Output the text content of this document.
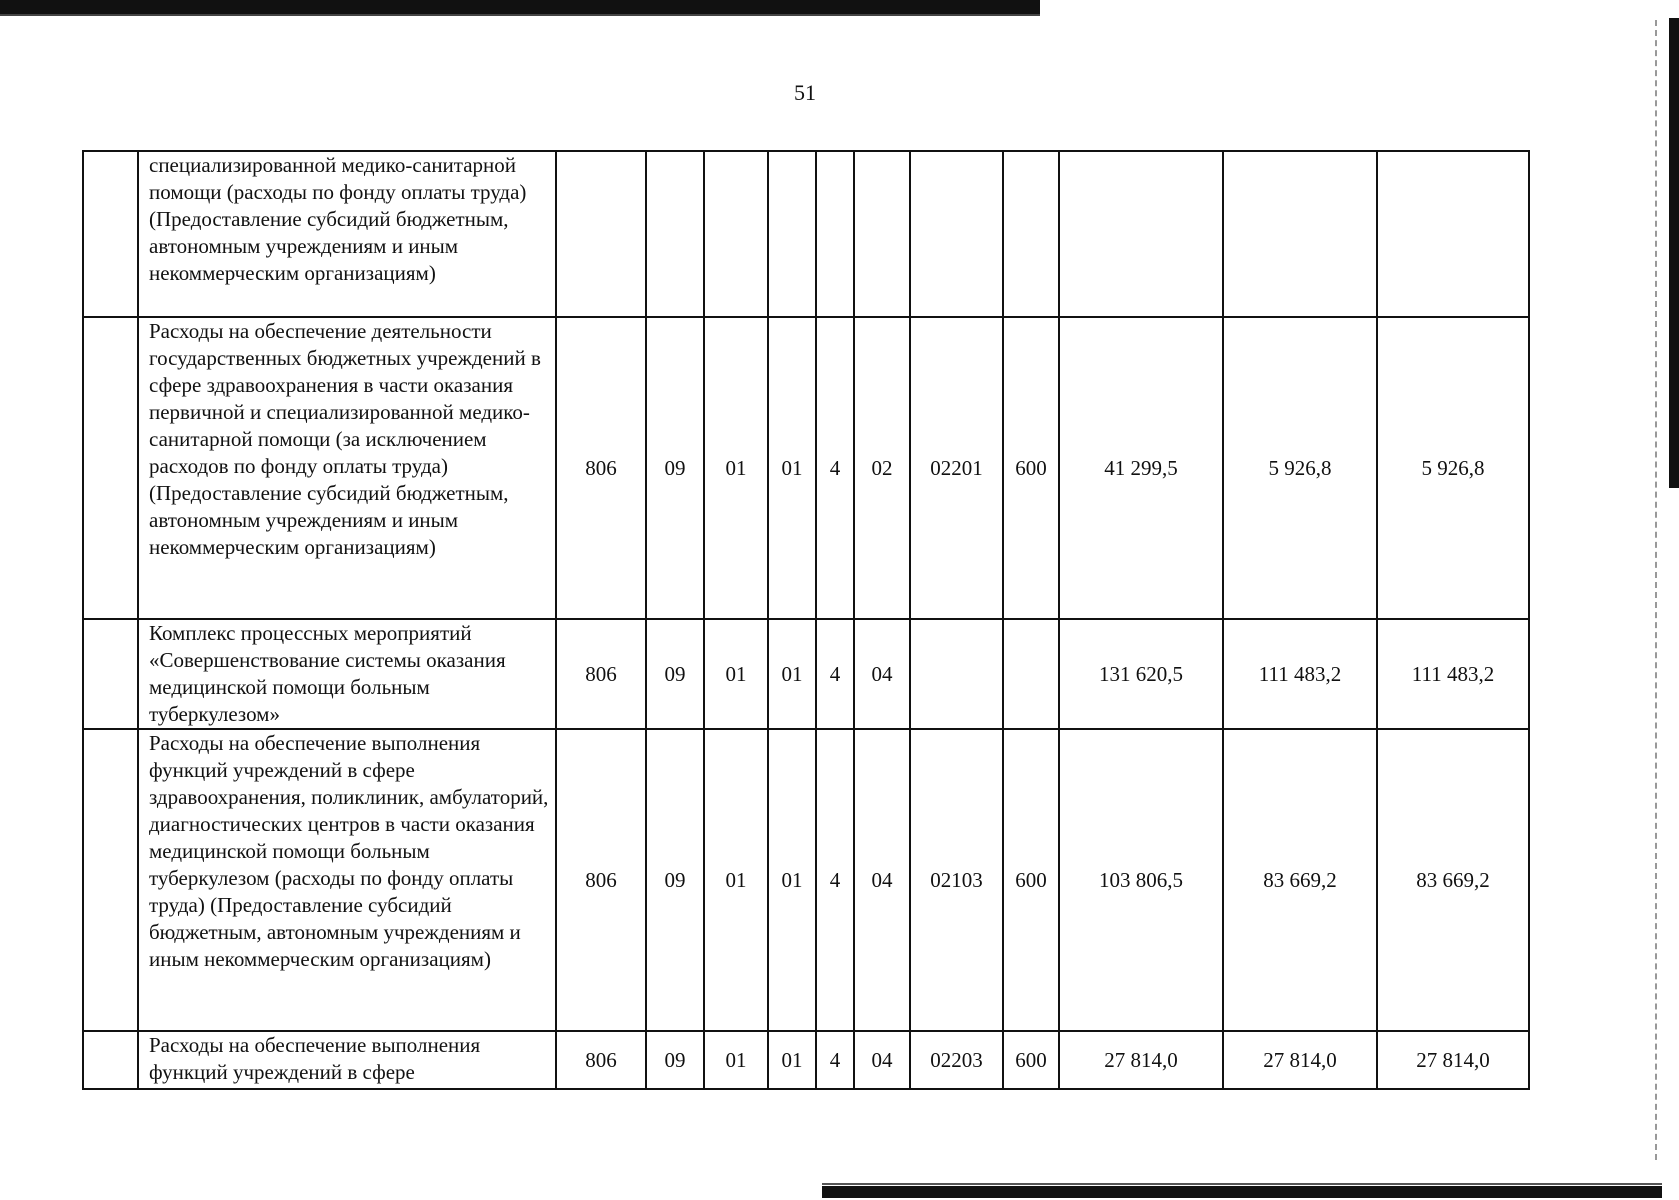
51
	специализированной медико-санитарной помощи (расходы по фонду оплаты труда) (Предоставление субсидий бюджетным, автономным учреждениям и иным некоммерческим организациям)											
	Расходы на обеспечение деятельности государственных бюджетных учреждений в сфере здравоохранения в части оказания первичной и специализированной медико-санитарной помощи (за исключением расходов по фонду оплаты труда) (Предоставление субсидий бюджетным, автономным учреждениям и иным некоммерческим организациям)	806	09	01	01	4	02	02201	600	41 299,5	5 926,8	5 926,8
	Комплекс процессных мероприятий «Совершенствование системы оказания медицинской помощи больным туберкулезом»	806	09	01	01	4	04			131 620,5	111 483,2	111 483,2
	Расходы на обеспечение выполнения функций учреждений в сфере здравоохранения, поликлиник, амбулаторий, диагностических центров в части оказания медицинской помощи больным туберкулезом (расходы по фонду оплаты труда) (Предоставление субсидий бюджетным, автономным учреждениям и иным некоммерческим организациям)	806	09	01	01	4	04	02103	600	103 806,5	83 669,2	83 669,2
	Расходы на обеспечение выполнения функций учреждений в сфере	806	09	01	01	4	04	02203	600	27 814,0	27 814,0	27 814,0
